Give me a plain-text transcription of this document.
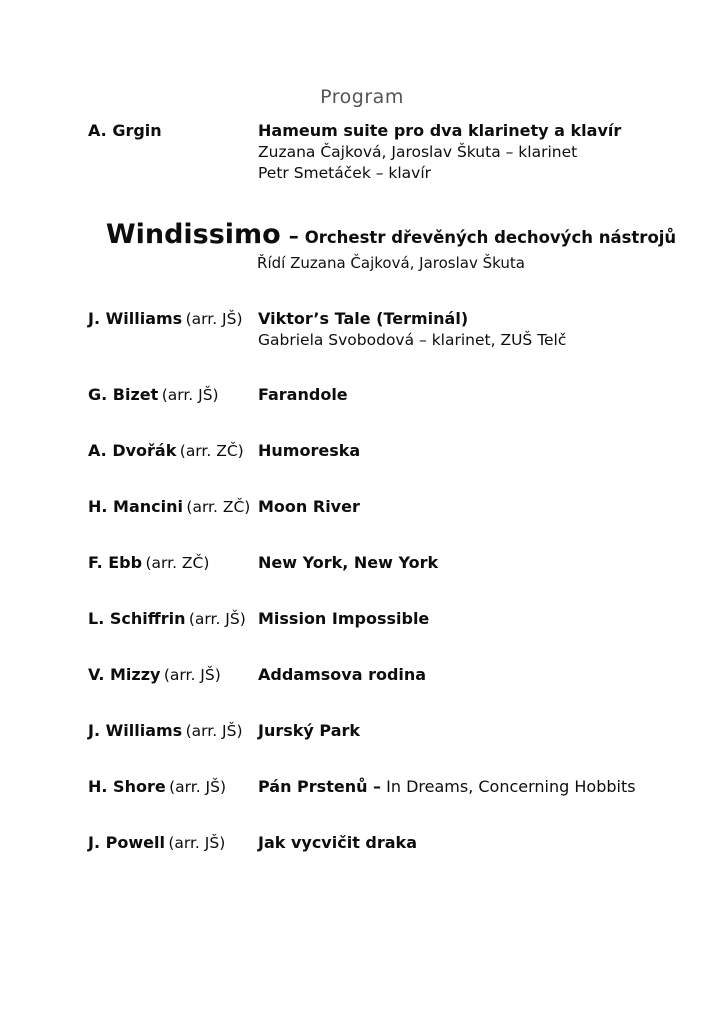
Program
A. Grgin	Hameum suite pro dva klarinety a klavír
Zuzana Čajková, Jaroslav Škuta – klarinet
Petr Smetáček – klavír
Windissimo – Orchestr dřevěných dechových nástrojů
Řídí Zuzana Čajková, Jaroslav Škuta
J. Williams (arr. JŠ) Viktor’s Tale (Terminál)
Gabriela Svobodová – klarinet, ZUŠ Telč
G. Bizet (arr. JŠ)	Farandole
A. Dvořák (arr. ZČ) Humoreska
H. Mancini (arr. ZČ) Moon River
F. Ebb (arr. ZČ)	New York, New York
L. Schiffrin (arr. JŠ) Mission Impossible
V. Mizzy (arr. JŠ)	Addamsova rodina
J. Williams (arr. JŠ) Jurský Park
H. Shore (arr. JŠ)	Pán Prstenů – In Dreams, Concerning Hobbits
J. Powell (arr. JŠ)	Jak vycvičit draka
